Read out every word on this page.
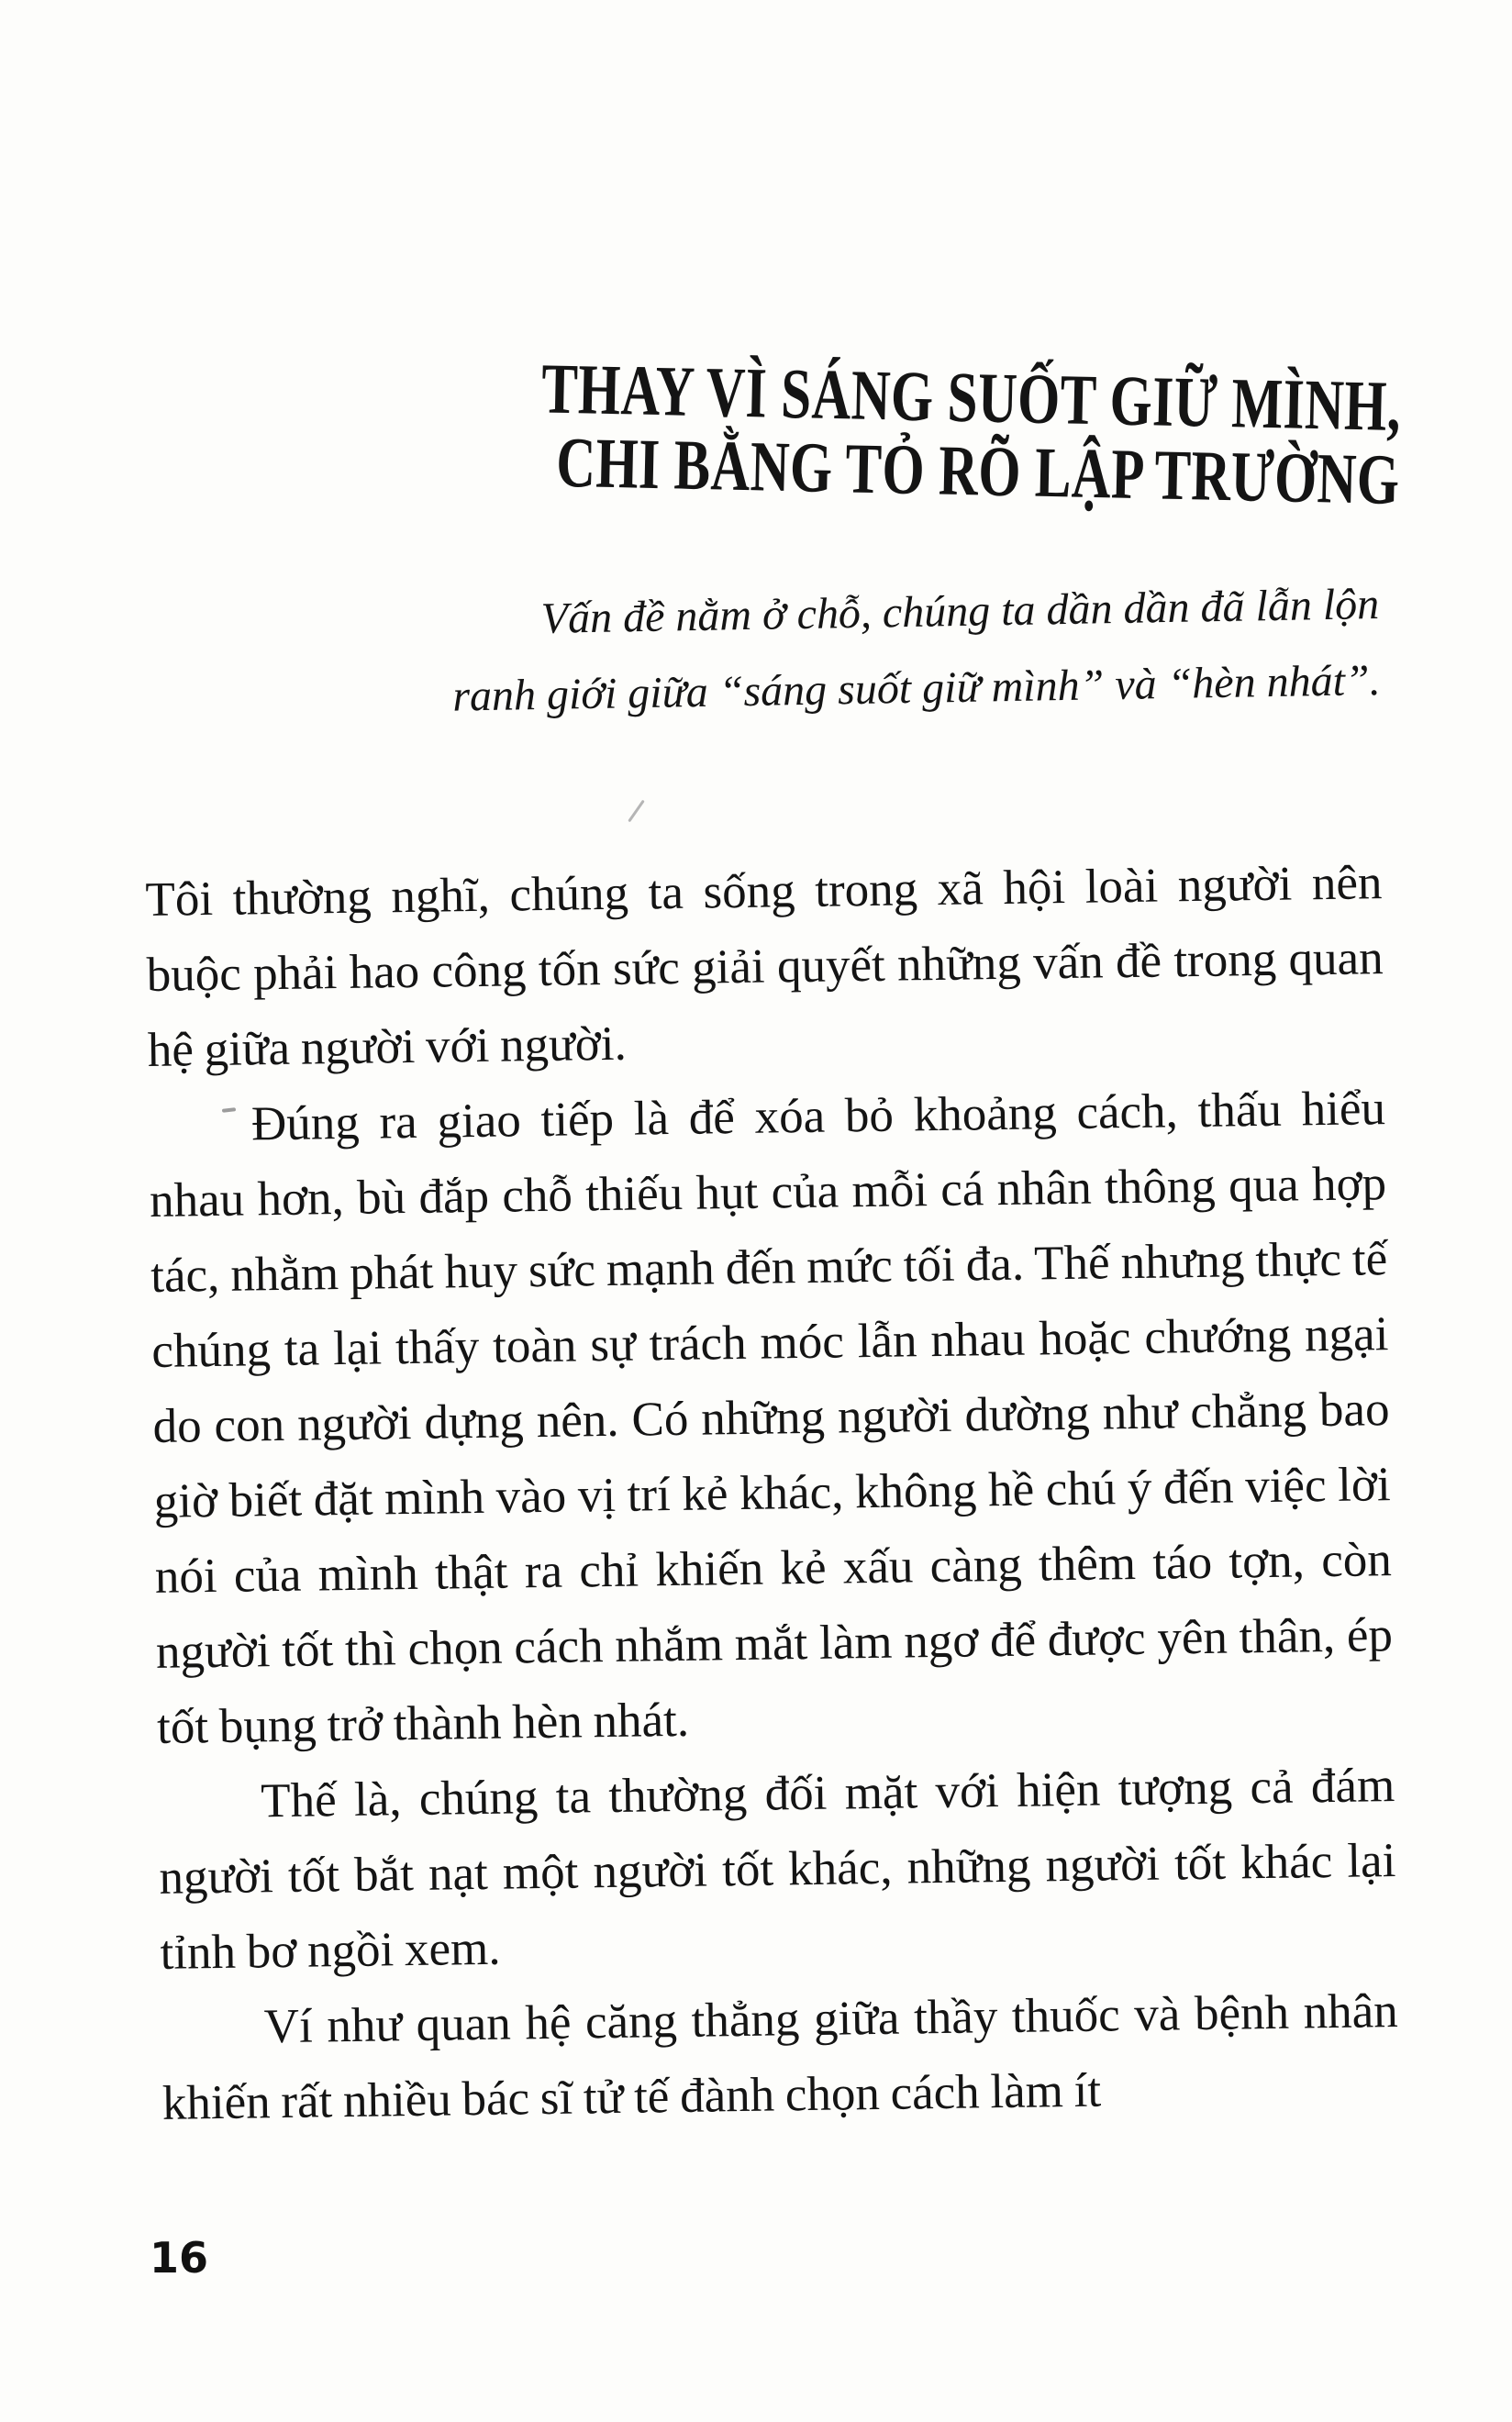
THAY VÌ SÁNG SUỐT GIỮ MÌNH,
CHI BẰNG TỎ RÕ LẬP TRƯỜNG
Vấn đề nằm ở chỗ, chúng ta dần dần đã lẫn lộn
ranh giới giữa “sáng suốt giữ mình” và “hèn nhát”.

Tôi thường nghĩ, chúng ta sống trong xã hội loài người nên buộc phải hao công tốn sức giải quyết những vấn đề trong quan hệ giữa người với người.

Đúng ra giao tiếp là để xóa bỏ khoảng cách, thấu hiểu nhau hơn, bù đắp chỗ thiếu hụt của mỗi cá nhân thông qua hợp tác, nhằm phát huy sức mạnh đến mức tối đa. Thế nhưng thực tế chúng ta lại thấy toàn sự trách móc lẫn nhau hoặc chướng ngại do con người dựng nên. Có những người dường như chẳng bao giờ biết đặt mình vào vị trí kẻ khác, không hề chú ý đến việc lời nói của mình thật ra chỉ khiến kẻ xấu càng thêm táo tợn, còn người tốt thì chọn cách nhắm mắt làm ngơ để được yên thân, ép tốt bụng trở thành hèn nhát.

Thế là, chúng ta thường đối mặt với hiện tượng cả đám người tốt bắt nạt một người tốt khác, những người tốt khác lại tỉnh bơ ngồi xem.

Ví như quan hệ căng thẳng giữa thầy thuốc và bệnh nhân khiến rất nhiều bác sĩ tử tế đành chọn cách làm ít

16
